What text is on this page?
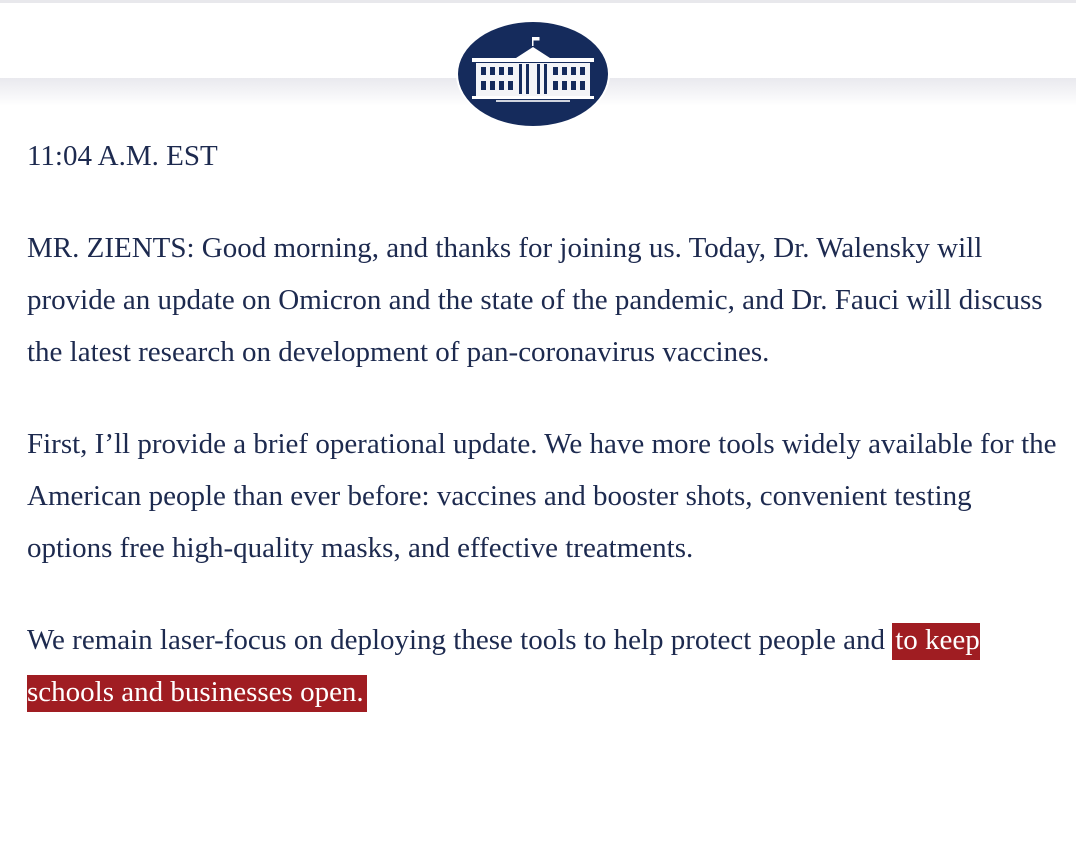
11:04 A.M. EST

MR. ZIENTS: Good morning, and thanks for joining us. Today, Dr. Walensky will provide an update on Omicron and the state of the pandemic, and Dr. Fauci will discuss the latest research on development of pan-coronavirus vaccines.

First, I’ll provide a brief operational update. We have more tools widely available for the American people than ever before: vaccines and booster shots, convenient testing options free high-quality masks, and effective treatments.

We remain laser-focus on deploying these tools to help protect people and to keep schools and businesses open.
